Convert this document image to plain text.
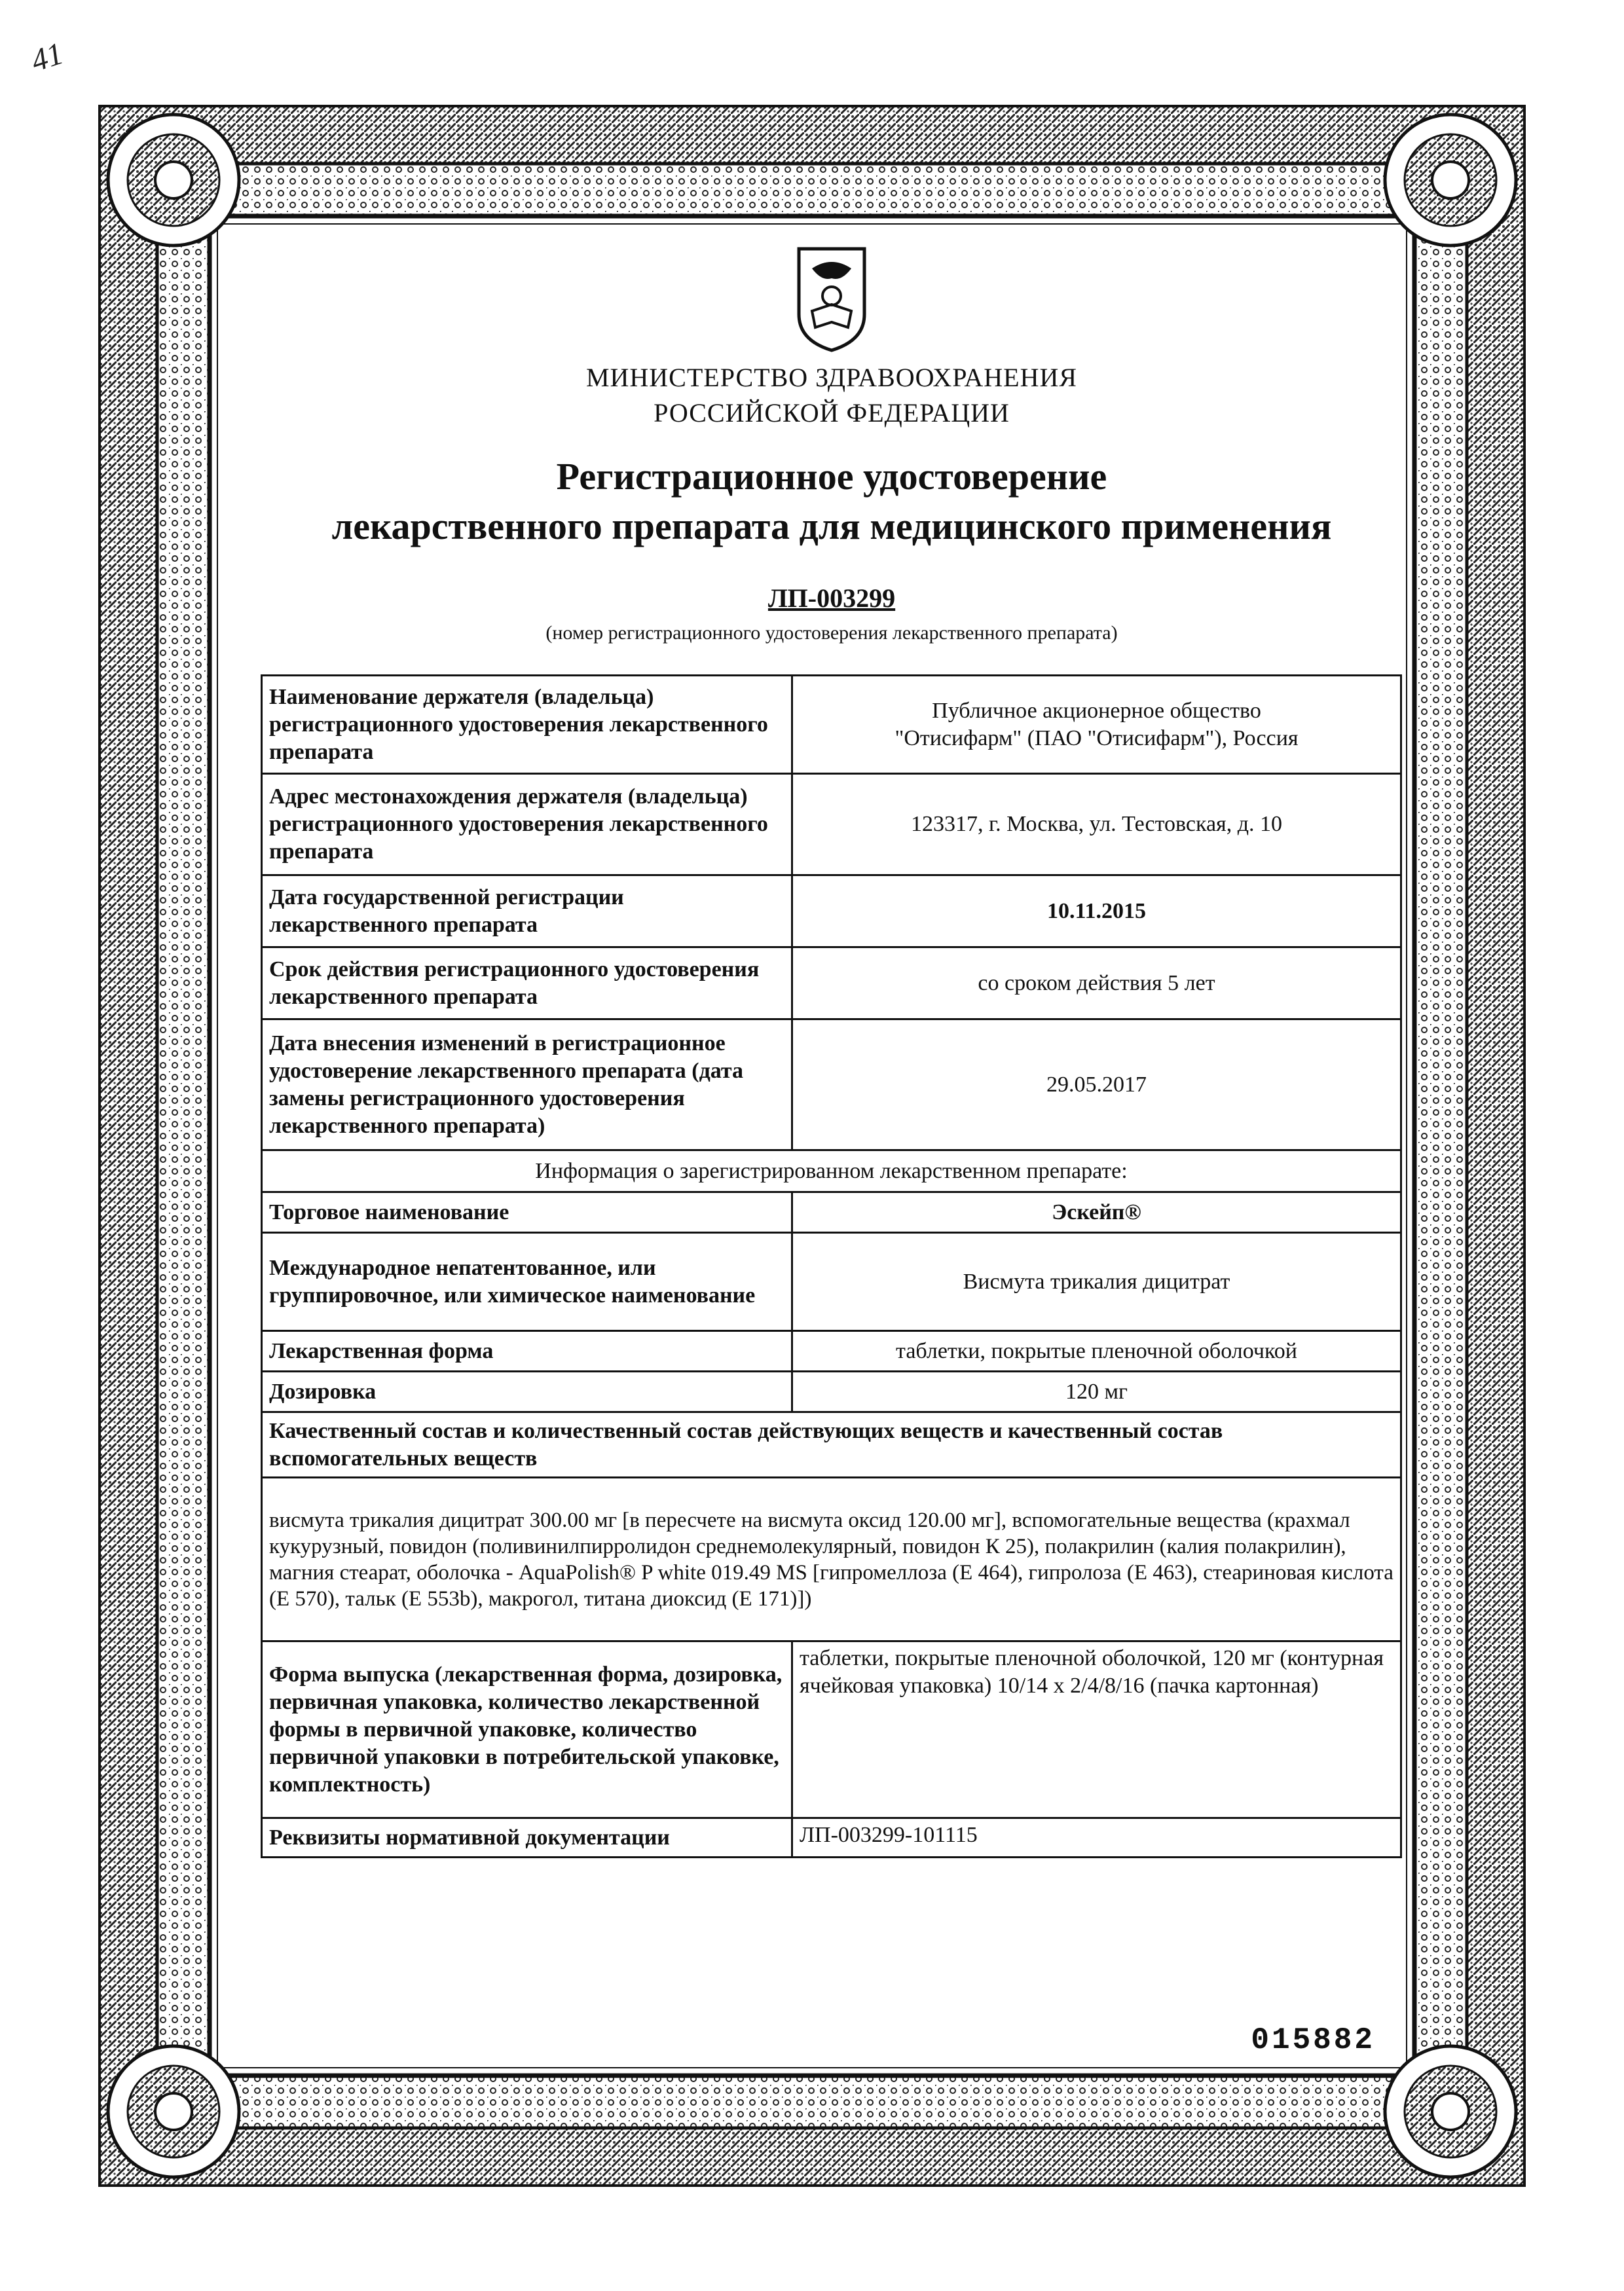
41
МИНИСТЕРСТВО ЗДРАВООХРАНЕНИЯ
РОССИЙСКОЙ ФЕДЕРАЦИИ
Регистрационное удостоверение
лекарственного препарата для медицинского применения
ЛП-003299
(номер регистрационного удостоверения лекарственного препарата)
Наименование держателя (владельца) регистрационного удостоверения лекарственного препарата	Публичное акционерное общество
"Отисифарм" (ПАО "Отисифарм"), Россия

Адрес местонахождения держателя (владельца) регистрационного удостоверения лекарственного препарата	123317, г. Москва, ул. Тестовская, д. 10
Дата государственной регистрации лекарственного препарата	10.11.2015
Срок действия регистрационного удостоверения лекарственного препарата	со сроком действия 5 лет
Дата внесения изменений в регистрационное удостоверение лекарственного препарата (дата замены регистрационного удостоверения лекарственного препарата)	29.05.2017
Информация о зарегистрированном лекарственном препарате:	
Торговое наименование	Эскейп®
Международное непатентованное, или группировочное, или химическое наименование	Висмута трикалия дицитрат
Лекарственная форма	таблетки, покрытые пленочной оболочкой
Дозировка	120 мг
Качественный состав и количественный состав действующих веществ и качественный состав вспомогательных веществ	
висмута трикалия дицитрат 300.00 мг [в пересчете на висмута оксид 120.00 мг], вспомогательные вещества (крахмал кукурузный, повидон (поливинилпирролидон среднемолекулярный, повидон К 25), полакрилин (калия полакрилин), магния стеарат, оболочка - AquaPolish® P white 019.49 MS [гипромеллоза (Е 464), гипролоза (Е 463), стеариновая кислота (Е 570), тальк (Е 553b), макрогол, титана диоксид (Е 171)])	
Форма выпуска (лекарственная форма, дозировка, первичная упаковка, количество лекарственной формы в первичной упаковке, количество первичной упаковки в потребительской упаковке, комплектность)	таблетки, покрытые пленочной оболочкой, 120 мг (контурная ячейковая упаковка) 10/14 х 2/4/8/16 (пачка картонная)
Реквизиты нормативной документации	ЛП-003299-101115
015882
